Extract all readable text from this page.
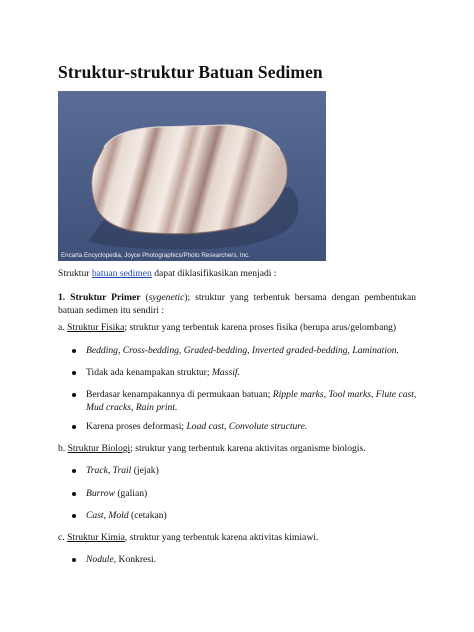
Struktur-struktur Batuan Sedimen
Encarta Encyclopedia, Joyce Photographics/Photo Researchers, Inc.
Struktur batuan sedimen dapat diklasifikasikan menjadi :
1. Struktur Primer (sygenetic); struktur yang terbentuk bersama dengan pembentukan batuan sedimen itu sendiri :
a. Struktur Fisika; struktur yang terbentuk karena proses fisika (berupa arus/gelombang)
Bedding, Cross-bedding, Graded-bedding, Inverted graded-bedding, Lamination.
Tidak ada kenampakan struktur; Massif.
Berdasar kenampakannya di permukaan batuan; Ripple marks, Tool marks, Flute cast, Mud cracks, Rain print.
Karena proses deformasi; Load cast, Convolute structure.
b. Struktur Biologi; struktur yang terbentuk karena aktivitas organisme biologis.
Track, Trail (jejak)
Burrow (galian)
Cast, Mold (cetakan)
c. Struktur Kimia, struktur yang terbentuk karena aktivitas kimiawi.
Nodule, Konkresi.
